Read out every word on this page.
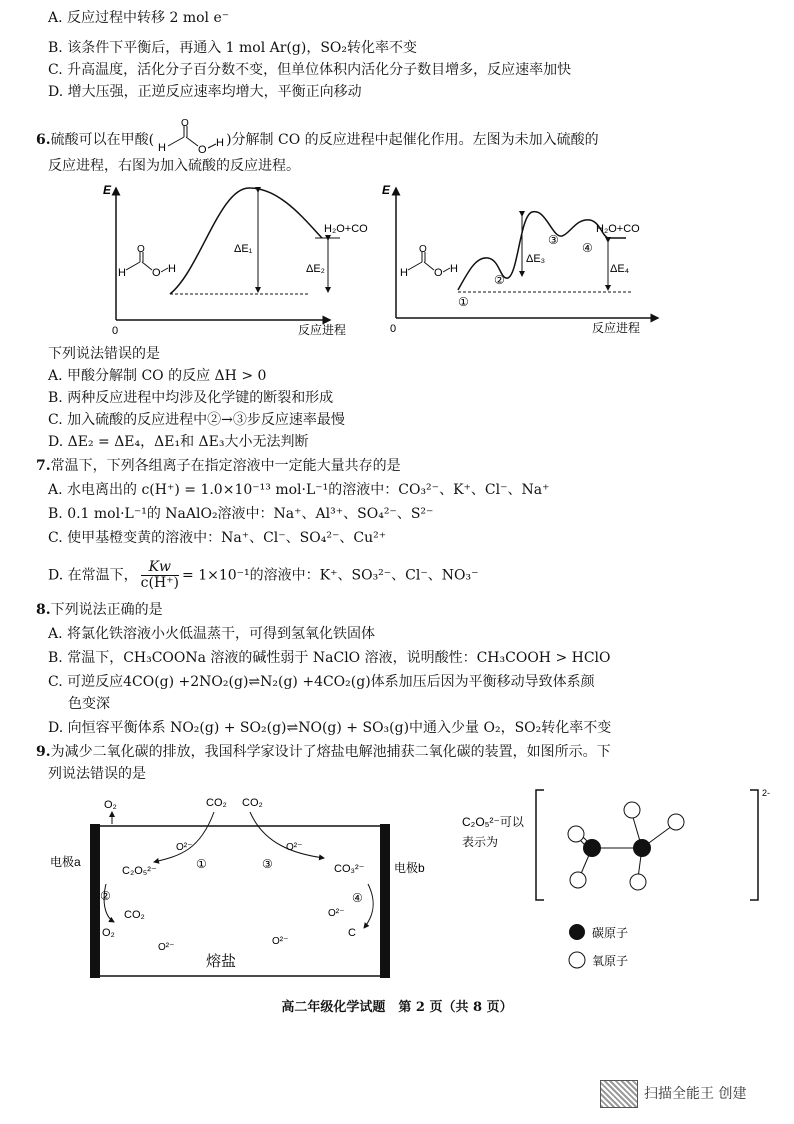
A. 反应过程中转移 2 mol e⁻
B. 该条件下平衡后，再通入 1 mol Ar(g)，SO₂转化率不变
C. 升高温度，活化分子百分数不变，但单位体积内活化分子数目增多，反应速率加快
D. 增大压强，正逆反应速率均增大，平衡正向移动
6.硫酸可以在甲酸( H
O
O
H )分解制 CO 的反应进程中起催化作用。左图为未加入硫酸的
反应进程，右图为加入硫酸的反应进程。
E
0	反应进程
ΔE₁
ΔE₂
H₂O+CO
H
O
O H
E
0	反应进程
①
②
③
④
ΔE₃
ΔE₄
H₂O+CO
H
O
O H
下列说法错误的是
A. 甲酸分解制 CO 的反应 ΔH > 0
B. 两种反应进程中均涉及化学键的断裂和形成
C. 加入硫酸的反应进程中②→③步反应速率最慢
D. ΔE₂ = ΔE₄，ΔE₁和 ΔE₃大小无法判断
7.常温下，下列各组离子在指定溶液中一定能大量共存的是
A. 水电离出的 c(H⁺) = 1.0×10⁻¹³ mol·L⁻¹的溶液中：CO₃²⁻、K⁺、Cl⁻、Na⁺
B. 0.1 mol·L⁻¹的 NaAlO₂溶液中：Na⁺、Al³⁺、SO₄²⁻、S²⁻
C. 使甲基橙变黄的溶液中：Na⁺、Cl⁻、SO₄²⁻、Cu²⁺
D. 在常温下， $\frac{Kw}{c(H^+)} = 1\times 10^{-1}$的溶液中：K⁺、SO₃²⁻、Cl⁻、NO₃⁻
8.下列说法正确的是
A. 将氯化铁溶液小火低温蒸干，可得到氢氧化铁固体
B. 常温下，CH₃COONa 溶液的碱性弱于 NaClO 溶液，说明酸性：CH₃COOH > HClO
C. 可逆反应4CO(g) +2NO₂(g)⇌N₂(g) +4CO₂(g)体系加压后因为平衡移动导致体系颜
色变深
D. 向恒容平衡体系 NO₂(g) + SO₂(g)⇌NO(g) + SO₃(g)中通入少量 O₂，SO₂转化率不变
9.为减少二氧化碳的排放，我国科学家设计了熔盐电解池捕获二氧化碳的装置，如图所示。下
列说法错误的是
电极a	电极b
熔盐
O₂	CO₂ CO₂
O²⁻
C₂O₅²⁻	①
O²⁻
③	CO₃²⁻
②
CO₂
O₂
④
O²⁻
C
O²⁻
O²⁻
C₂O₅²⁻可以
表示为
2-
碳原子
氧原子
高二年级化学试题　第 2 页（共 8 页）
扫描全能王 创建
